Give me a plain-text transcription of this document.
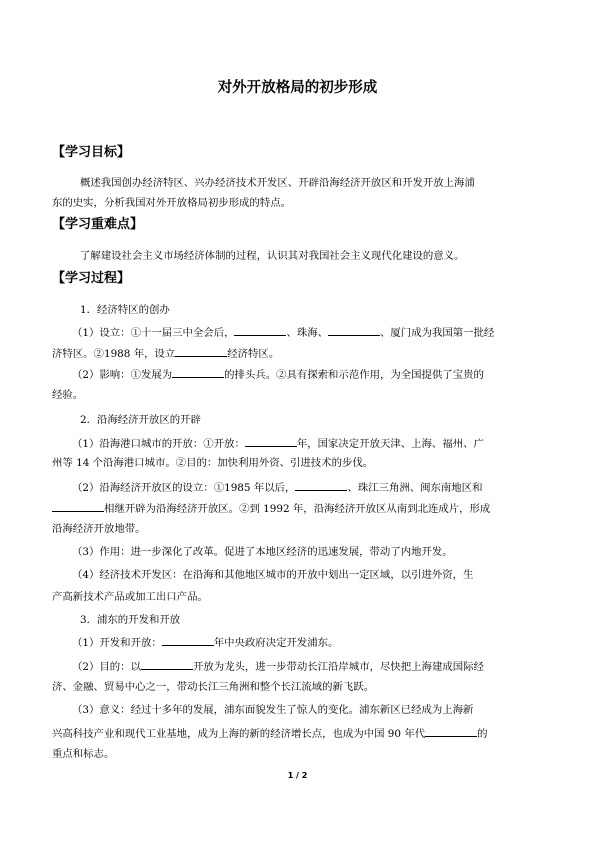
对外开放格局的初步形成
【学习目标】
概述我国创办经济特区、兴办经济技术开发区、开辟沿海经济开放区和开发开放上海浦
东的史实，分析我国对外开放格局初步形成的特点。
【学习重难点】
了解建设社会主义市场经济体制的过程，认识其对我国社会主义现代化建设的意义。
【学习过程】
1．经济特区的创办
（1）设立：①十一届三中全会后，	、珠海、	、厦门成为我国第一批经
济特区。②1988 年，设立	经济特区。
（2）影响：①发展为	的排头兵。②具有探索和示范作用，为全国提供了宝贵的
经验。
2．沿海经济开放区的开辟
（1）沿海港口城市的开放：①开放：	年，国家决定开放天津、上海、福州、广
州等 14 个沿海港口城市。②目的：加快利用外资、引进技术的步伐。
（2）沿海经济开放区的设立：①1985 年以后，	、珠江三角洲、闽东南地区和
相继开辟为沿海经济开放区。②到 1992 年，沿海经济开放区从南到北连成片，形成
沿海经济开放地带。
（3）作用：进一步深化了改革。促进了本地区经济的迅速发展，带动了内地开发。
（4）经济技术开发区：在沿海和其他地区城市的开放中划出一定区域，以引进外资，生
产高新技术产品或加工出口产品。
3．浦东的开发和开放
（1）开发和开放：	年中央政府决定开发浦东。
（2）目的：以	开放为龙头，进一步带动长江沿岸城市，尽快把上海建成国际经
济、金融、贸易中心之一，带动长江三角洲和整个长江流域的新飞跃。
（3）意义：经过十多年的发展，浦东面貌发生了惊人的变化。浦东新区已经成为上海新
兴高科技产业和现代工业基地，成为上海的新的经济增长点，也成为中国 90 年代	的
重点和标志。
1 / 2
